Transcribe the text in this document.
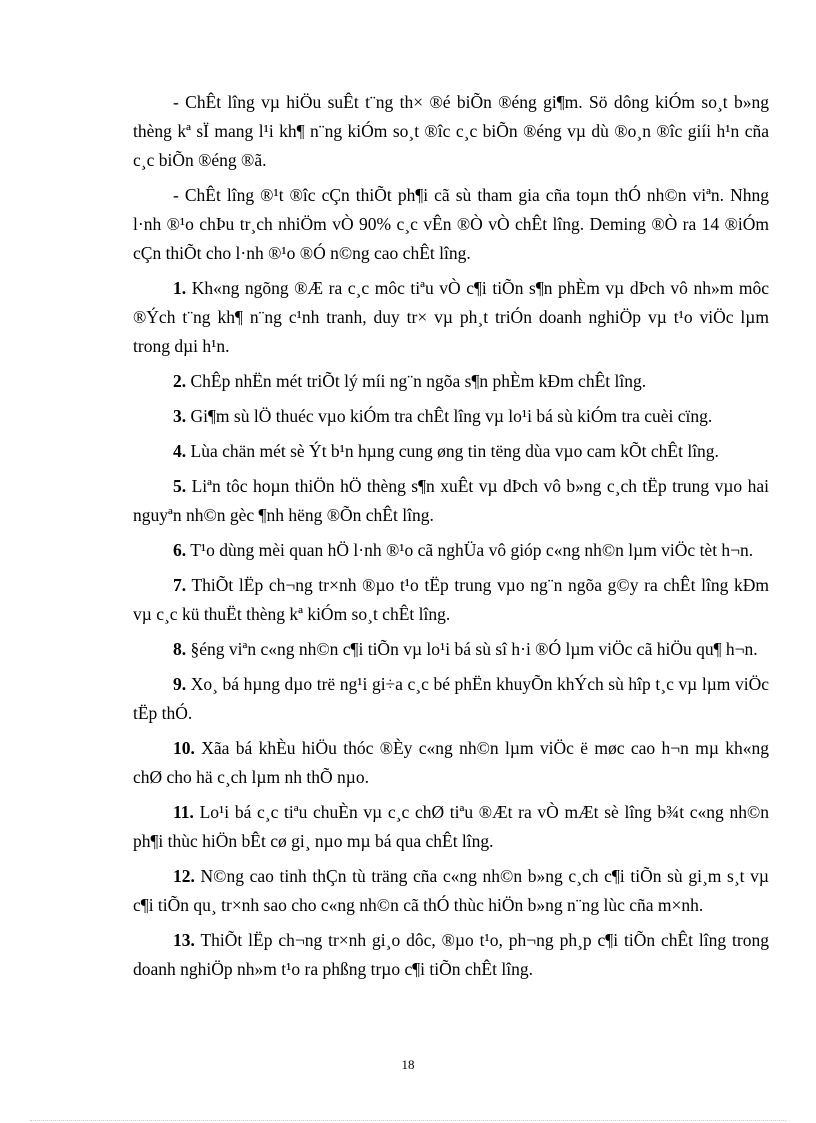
- ChÊt lîng vµ hiÖu suÊt t¨ng th× ®é biÕn ®éng gi¶m. Sö dông kiÓm so¸t b»ng thèng kª sÏ mang l¹i kh¶ n¨ng kiÓm so¸t ®îc c¸c biÕn ®éng vµ dù ®o¸n ®îc giíi h¹n cña c¸c biÕn ®éng ®ã.

- ChÊt lîng ®¹t ®îc cÇn thiÕt ph¶i cã sù tham gia cña toµn thÓ nh©n viªn. Nhng l·nh ®¹o chÞu tr¸ch nhiÖm vÒ 90% c¸c vÊn ®Ò vÒ chÊt lîng. Deming ®Ò ra 14 ®iÓm cÇn thiÕt cho l·nh ®¹o ®Ó n©ng cao chÊt lîng.

1. Kh«ng ngõng ®Æ ra c¸c môc tiªu vÒ c¶i tiÕn s¶n phÈm vµ dÞch vô nh»m môc ®Ých t¨ng kh¶ n¨ng c¹nh tranh, duy tr× vµ ph¸t triÓn doanh nghiÖp vµ t¹o viÖc lµm trong dµi h¹n.

2. ChÊp nhËn mét triÕt lý míi ng¨n ngõa s¶n phÈm kÐm chÊt lîng.

3. Gi¶m sù lÖ thuéc vµo kiÓm tra chÊt lîng vµ lo¹i bá sù kiÓm tra cuèi cïng.

4. Lùa chän mét sè Ýt b¹n hµng cung øng tin tëng dùa vµo cam kÕt chÊt lîng.

5. Liªn tôc hoµn thiÖn hÖ thèng s¶n xuÊt vµ dÞch vô b»ng c¸ch tËp trung vµo hai nguyªn nh©n gèc ¶nh hëng ®Õn chÊt lîng.

6. T¹o dùng mèi quan hÖ l·nh ®¹o cã nghÜa vô gióp c«ng nh©n lµm viÖc tèt h¬n.

7. ThiÕt lËp ch¬ng tr×nh ®µo t¹o tËp trung vµo ng¨n ngõa g©y ra chÊt lîng kÐm vµ c¸c kü thuËt thèng kª kiÓm so¸t chÊt lîng.

8. §éng viªn c«ng nh©n c¶i tiÕn vµ lo¹i bá sù sî h·i ®Ó lµm viÖc cã hiÖu qu¶ h¬n.

9. Xo¸ bá hµng dµo trë ng¹i gi÷a c¸c bé phËn khuyÕn khÝch sù hîp t¸c vµ lµm viÖc tËp thÓ.

10. Xãa bá khÈu hiÖu thóc ®Èy c«ng nh©n lµm viÖc ë møc cao h¬n mµ kh«ng chØ cho hä c¸ch lµm nh thÕ nµo.

11. Lo¹i bá c¸c tiªu chuÈn vµ c¸c chØ tiªu ®Æt ra vÒ mÆt sè lîng b¾t c«ng nh©n ph¶i thùc hiÖn bÊt cø gi¸ nµo mµ bá qua chÊt lîng.

12. N©ng cao tinh thÇn tù träng cña c«ng nh©n b»ng c¸ch c¶i tiÕn sù gi¸m s¸t vµ c¶i tiÕn qu¸ tr×nh sao cho c«ng nh©n cã thÓ thùc hiÖn b»ng n¨ng lùc cña m×nh.

13. ThiÕt lËp ch¬ng tr×nh gi¸o dôc, ®µo t¹o, ph¬ng ph¸p c¶i tiÕn chÊt lîng trong doanh nghiÖp nh»m t¹o ra phßng trµo c¶i tiÕn chÊt lîng.

18
